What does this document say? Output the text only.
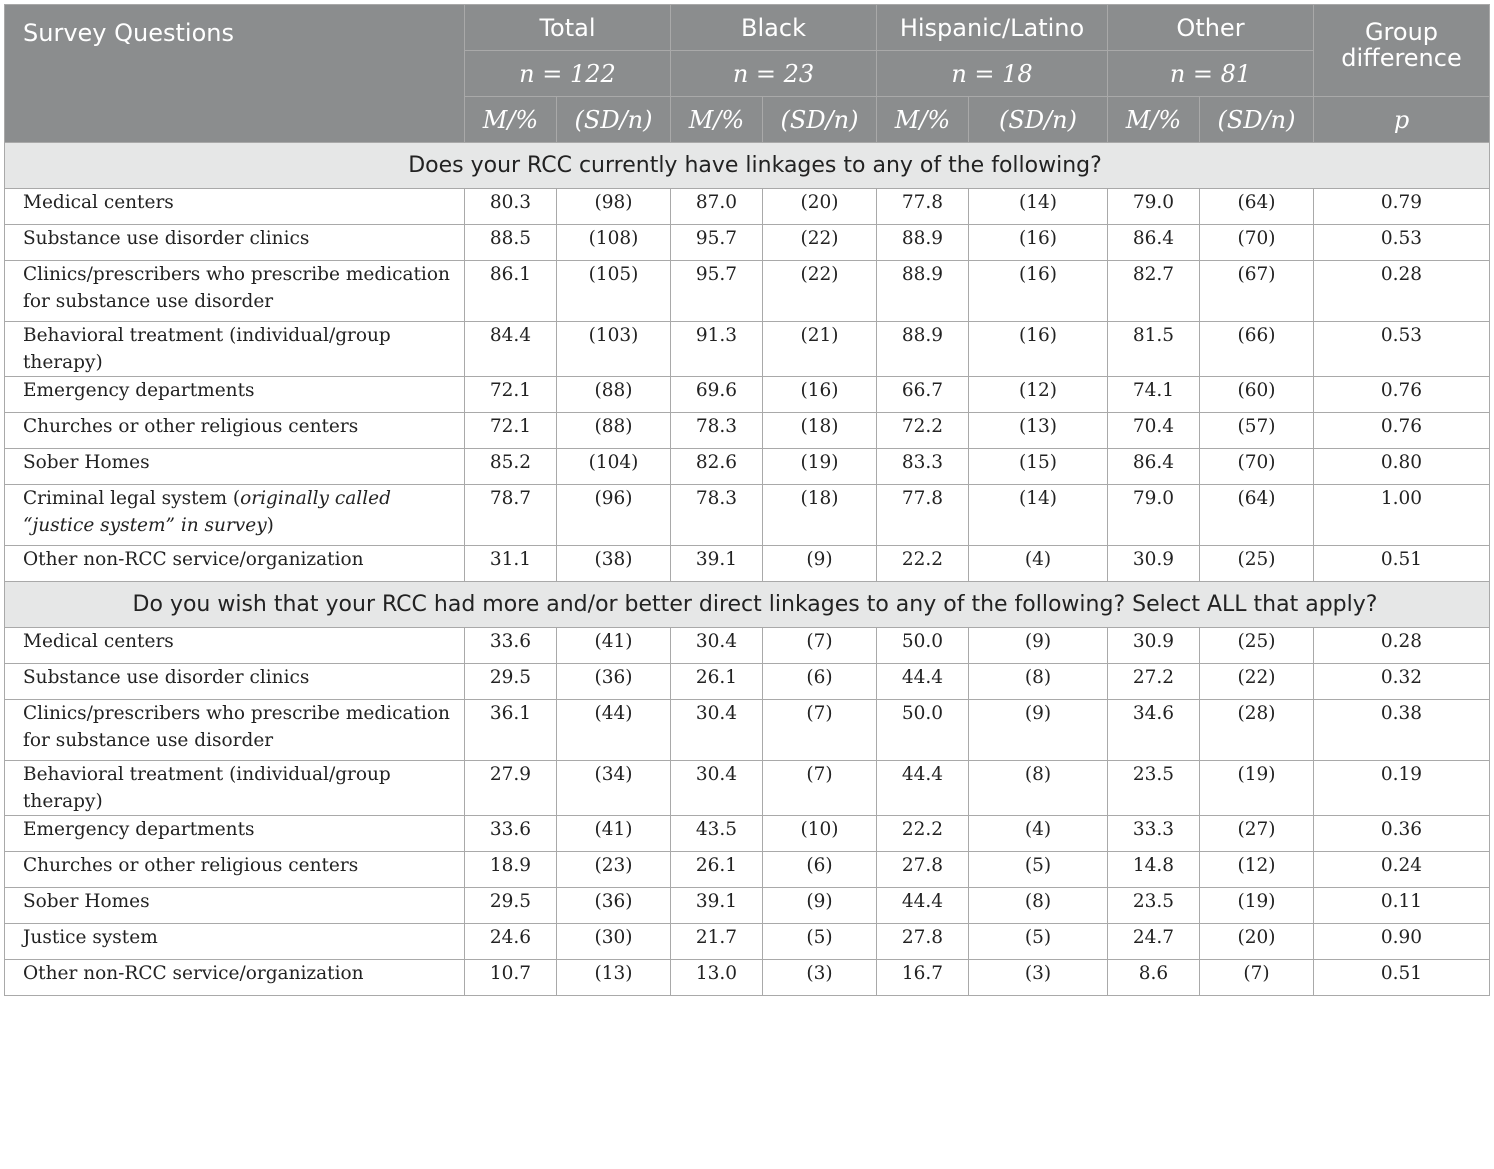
Survey Questions	Total		Black		Hispanic/Latino		Other		Group difference
	n = 122		n = 23		n = 18		n = 81		
	M/%	(SD/n)	M/%	(SD/n)	M/%	(SD/n)	M/%	(SD/n)	p
Does your RCC currently have linkages to any of the following?									
Medical centers	80.3	(98)	87.0	(20)	77.8	(14)	79.0	(64)	0.79
Substance use disorder clinics	88.5	(108)	95.7	(22)	88.9	(16)	86.4	(70)	0.53
Clinics/prescribers who prescribe medication for substance use disorder	86.1	(105)	95.7	(22)	88.9	(16)	82.7	(67)	0.28
Behavioral treatment (individual/group therapy)	84.4	(103)	91.3	(21)	88.9	(16)	81.5	(66)	0.53
Emergency departments	72.1	(88)	69.6	(16)	66.7	(12)	74.1	(60)	0.76
Churches or other religious centers	72.1	(88)	78.3	(18)	72.2	(13)	70.4	(57)	0.76
Sober Homes	85.2	(104)	82.6	(19)	83.3	(15)	86.4	(70)	0.80
Criminal legal system (originally called “justice system” in survey)	78.7	(96)	78.3	(18)	77.8	(14)	79.0	(64)	1.00
Other non-RCC service/organization	31.1	(38)	39.1	(9)	22.2	(4)	30.9	(25)	0.51
Do you wish that your RCC had more and/or better direct linkages to any of the following? Select ALL that apply?									
Medical centers	33.6	(41)	30.4	(7)	50.0	(9)	30.9	(25)	0.28
Substance use disorder clinics	29.5	(36)	26.1	(6)	44.4	(8)	27.2	(22)	0.32
Clinics/prescribers who prescribe medication for substance use disorder	36.1	(44)	30.4	(7)	50.0	(9)	34.6	(28)	0.38
Behavioral treatment (individual/group therapy)	27.9	(34)	30.4	(7)	44.4	(8)	23.5	(19)	0.19
Emergency departments	33.6	(41)	43.5	(10)	22.2	(4)	33.3	(27)	0.36
Churches or other religious centers	18.9	(23)	26.1	(6)	27.8	(5)	14.8	(12)	0.24
Sober Homes	29.5	(36)	39.1	(9)	44.4	(8)	23.5	(19)	0.11
Justice system	24.6	(30)	21.7	(5)	27.8	(5)	24.7	(20)	0.90
Other non-RCC service/organization	10.7	(13)	13.0	(3)	16.7	(3)	8.6	(7)	0.51
